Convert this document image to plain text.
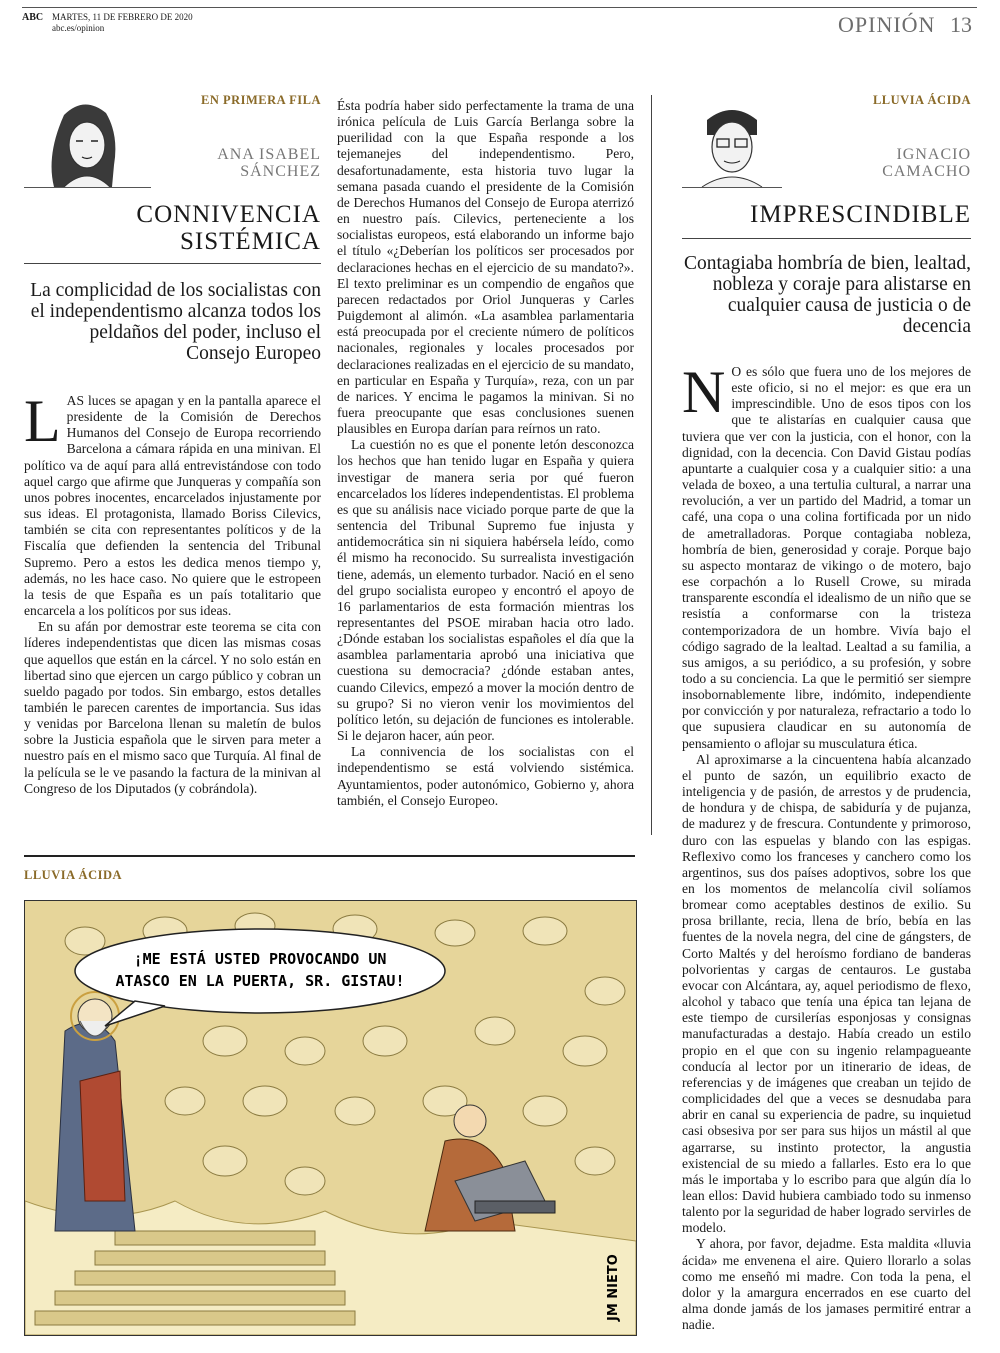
ABC MARTES, 11 DE FEBRERO DE 2020
abc.es/opinion	OPINIÓN 13
EN PRIMERA FILA
ANA ISABEL
SÁNCHEZ
CONNIVENCIA
SISTÉMICA
La complicidad de los socialistas con el independentismo alcanza todos los peldaños del poder, incluso el Consejo Europeo

LAS luces se apagan y en la pantalla aparece el presidente de la Comisión de Derechos Humanos del Consejo de Europa recorriendo Barcelona a cámara rápida en una minivan. El político va de aquí para allá entrevistándose con todo aquel cargo que afirme que Junqueras y compañía son unos pobres inocentes, encarcelados injustamente por sus ideas. El protagonista, llamado Boriss Cilevics, también se cita con representantes políticos y de la Fiscalía que defienden la sentencia del Tribunal Supremo. Pero a estos les dedica menos tiempo y, además, no les hace caso. No quiere que le estropeen la tesis de que España es un país totalitario que encarcela a los políticos por sus ideas.

En su afán por demostrar este teorema se cita con líderes independentistas que dicen las mismas cosas que aquellos que están en la cárcel. Y no solo están en libertad sino que ejercen un cargo público y cobran un sueldo pagado por todos. Sin embargo, estos detalles también le parecen carentes de importancia. Sus idas y venidas por Barcelona llenan su maletín de bulos sobre la Justicia española que le sirven para meter a nuestro país en el mismo saco que Turquía. Al final de la película se le ve pasando la factura de la minivan al Congreso de los Diputados (y cobrándola).

Ésta podría haber sido perfectamente la trama de una irónica película de Luis García Berlanga sobre la puerilidad con la que España responde a los tejemanejes del independentismo. Pero, desafortunadamente, esta historia tuvo lugar la semana pasada cuando el presidente de la Comisión de Derechos Humanos del Consejo de Europa aterrizó en nuestro país. Cilevics, perteneciente a los socialistas europeos, está elaborando un informe bajo el título «¿Deberían los políticos ser procesados por declaraciones hechas en el ejercicio de su mandato?». El texto preliminar es un compendio de engaños que parecen redactados por Oriol Junqueras y Carles Puigdemont al alimón. «La asamblea parlamentaria está preocupada por el creciente número de políticos nacionales, regionales y locales procesados por declaraciones realizadas en el ejercicio de su mandato, en particular en España y Turquía», reza, con un par de narices. Y encima le pagamos la minivan. Si no fuera preocupante que esas conclusiones suenen plausibles en Europa darían para reírnos un rato.

La cuestión no es que el ponente letón desconozca los hechos que han tenido lugar en España y quiera investigar de manera seria por qué fueron encarcelados los líderes independentistas. El problema es que su análisis nace viciado porque parte de que la sentencia del Tribunal Supremo fue injusta y antidemocrática sin ni siquiera habérsela leído, como él mismo ha reconocido. Su surrealista investigación tiene, además, un elemento turbador. Nació en el seno del grupo socialista europeo y encontró el apoyo de 16 parlamentarios de esta formación mientras los representantes del PSOE miraban hacia otro lado. ¿Dónde estaban los socialistas españoles el día que la asamblea parlamentaria aprobó una iniciativa que cuestiona su democracia? ¿dónde estaban antes, cuando Cilevics, empezó a mover la moción dentro de su grupo? Si no vieron venir los movimientos del político letón, su dejación de funciones es intolerable. Si le dejaron hacer, aún peor.

La connivencia de los socialistas con el independentismo se está volviendo sistémica. Ayuntamientos, poder autonómico, Gobierno y, ahora también, el Consejo Europeo.

LLUVIA ÁCIDA
¡ME ESTÁ USTED PROVOCANDO UN
ATASCO EN LA PUERTA, SR. GISTAU!
JM NIETO
LLUVIA ÁCIDA
IGNACIO
CAMACHO
IMPRESCINDIBLE
Contagiaba hombría de bien, lealtad, nobleza y coraje para alistarse en cualquier causa de justicia o de decencia

N O es sólo que fuera uno de los mejores de este oficio, si no el mejor: es que era un imprescindible. Uno de esos tipos con los que te alistarías en cualquier causa que tuviera que ver con la justicia, con el honor, con la dignidad, con la decencia. Con David Gistau podías apuntarte a cualquier cosa y a cualquier sitio: a una velada de boxeo, a una tertulia cultural, a narrar una revolución, a ver un partido del Madrid, a tomar un café, una copa o una colina fortificada por un nido de ametralladoras. Porque contagiaba nobleza, hombría de bien, generosidad y coraje. Porque bajo su aspecto montaraz de vikingo o de motero, bajo ese corpachón a lo Rusell Crowe, su mirada transparente escondía el idealismo de un niño que se resistía a conformarse con la tristeza contemporizadora de un hombre. Vivía bajo el código sagrado de la lealtad. Lealtad a su familia, a sus amigos, a su periódico, a su profesión, y sobre todo a su conciencia. La que le permitió ser siempre insobornablemente libre, indómito, independiente por convicción y por naturaleza, refractario a todo lo que supusiera claudicar en su autonomía de pensamiento o aflojar su musculatura ética.

Al aproximarse a la cincuentena había alcanzado el punto de sazón, un equilibrio exacto de inteligencia y de pasión, de arrestos y de prudencia, de hondura y de chispa, de sabiduría y de pujanza, de madurez y de frescura. Contundente y primoroso, duro con las espuelas y blando con las espigas. Reflexivo como los franceses y canchero como los argentinos, sus dos países adoptivos, sobre los que en los momentos de melancolía civil solíamos bromear como aceptables destinos de exilio. Su prosa brillante, recia, llena de brío, bebía en las fuentes de la novela negra, del cine de gángsters, de Corto Maltés y del heroísmo fordiano de banderas polvorientas y cargas de centauros. Le gustaba evocar con Alcántara, ay, aquel periodismo de flexo, alcohol y tabaco que tenía una épica tan lejana de este tiempo de cursilerías esponjosas y consignas manufacturadas a destajo. Había creado un estilo propio en el que con su ingenio relampagueante conducía al lector por un itinerario de ideas, de referencias y de imágenes que creaban un tejido de complicidades del que a veces se desnudaba para abrir en canal su experiencia de padre, su inquietud casi obsesiva por ser para sus hijos un mástil al que agarrarse, su instinto protector, la angustia existencial de su miedo a fallarles. Esto era lo que más le importaba y lo escribo para que algún día lo lean ellos: David hubiera cambiado todo su inmenso talento por la seguridad de haber logrado servirles de modelo.

Y ahora, por favor, dejadme. Esta maldita «lluvia ácida» me envenena el aire. Quiero llorarlo a solas como me enseñó mi madre. Con toda la pena, el dolor y la amargura encerrados en ese cuarto del alma donde jamás de los jamases permitiré entrar a nadie.
